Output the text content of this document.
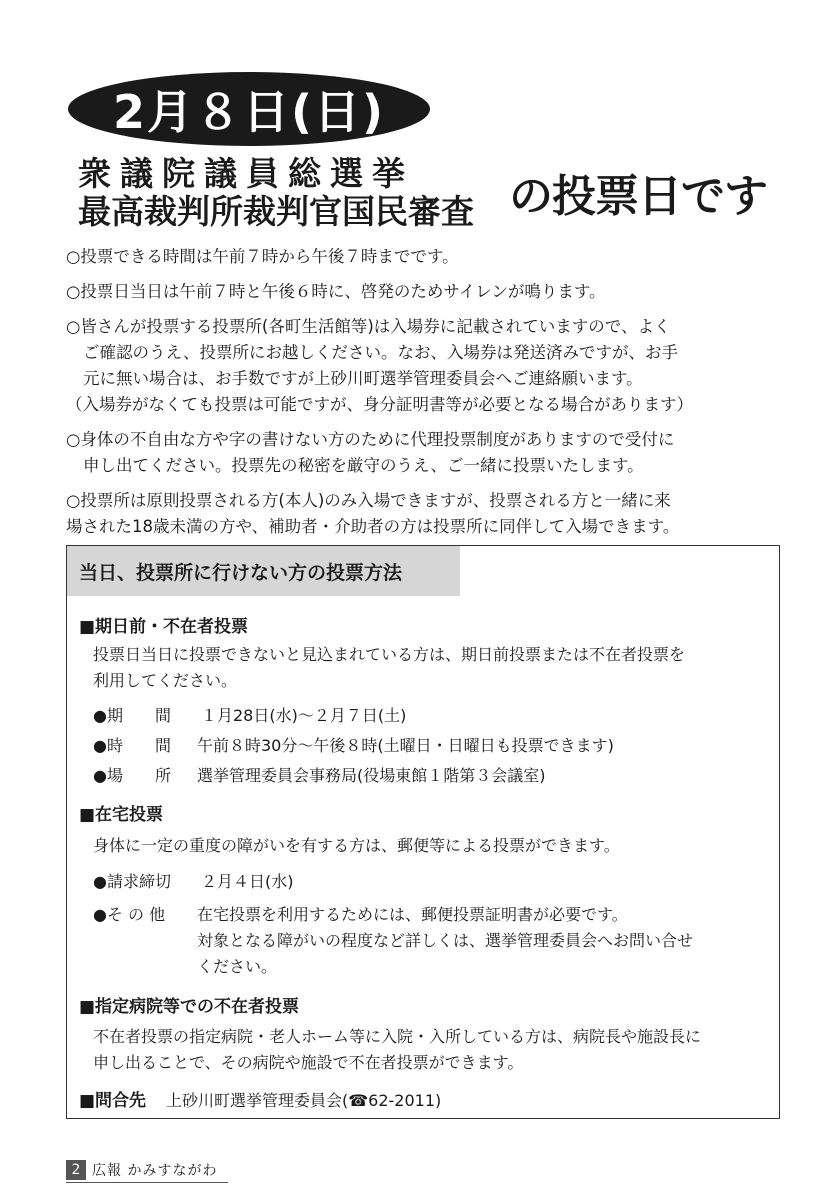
2月８日(日)
衆議院議員総選挙
最高裁判所裁判官国民審査 の投票日です
○投票できる時間は午前７時から午後７時までです。
○投票日当日は午前７時と午後６時に、啓発のためサイレンが鳴ります。
○皆さんが投票する投票所(各町生活館等)は入場券に記載されていますので、よく
ご確認のうえ、投票所にお越しください。なお、入場券は発送済みですが、お手
元に無い場合は、お手数ですが上砂川町選挙管理委員会へご連絡願います。
（入場券がなくても投票は可能ですが、身分証明書等が必要となる場合があります）
○身体の不自由な方や字の書けない方のために代理投票制度がありますので受付に
申し出てください。投票先の秘密を厳守のうえ、ご一緒に投票いたします。
○投票所は原則投票される方(本人)のみ入場できますが、投票される方と一緒に来
場された18歳未満の方や、補助者・介助者の方は投票所に同伴して入場できます。
当日、投票所に行けない方の投票方法
■期日前・不在者投票
投票日当日に投票できないと見込まれている方は、期日前投票または不在者投票を
利用してください。
●期　　間 １月28日(水)～２月７日(土)
●時　　間 午前８時30分～午後８時(土曜日・日曜日も投票できます)
●場　　所 選挙管理委員会事務局(役場東館１階第３会議室)
■在宅投票
身体に一定の重度の障がいを有する方は、郵便等による投票ができます。
●請求締切 ２月４日(水)
●そ の 他 在宅投票を利用するためには、郵便投票証明書が必要です。
対象となる障がいの程度など詳しくは、選挙管理委員会へお問い合せ
ください。
■指定病院等での不在者投票
不在者投票の指定病院・老人ホーム等に入院・入所している方は、病院長や施設長に
申し出ることで、その病院や施設で不在者投票ができます。
■問合先 上砂川町選挙管理委員会(☎62-2011)
2 広報 かみすながわ
